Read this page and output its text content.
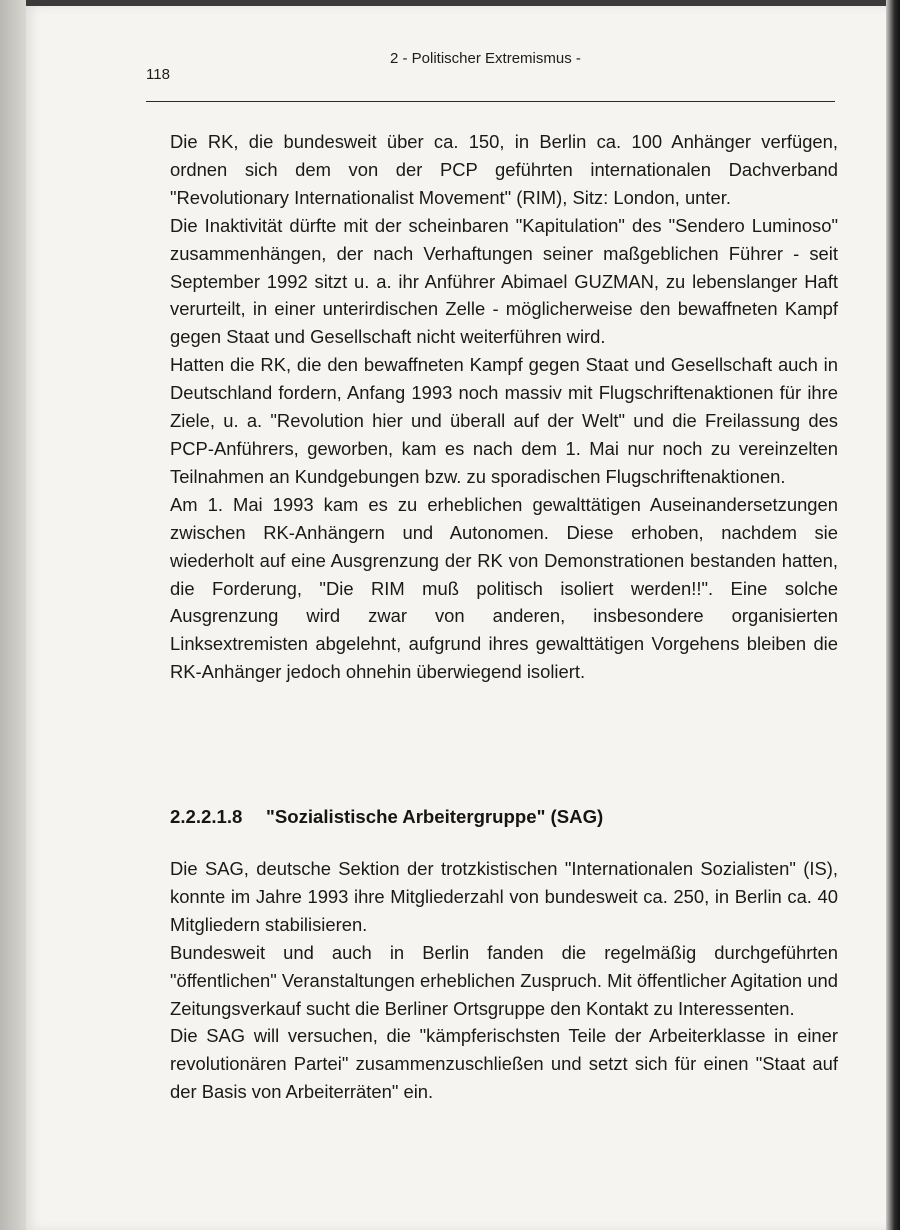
2 - Politischer Extremismus -
118

Die RK, die bundesweit über ca. 150, in Berlin ca. 100 Anhänger verfügen, ordnen sich dem von der PCP geführten internationalen Dachverband "Revolutionary Internationalist Movement" (RIM), Sitz: London, unter.

Die Inaktivität dürfte mit der scheinbaren "Kapitulation" des "Sendero Luminoso" zusammenhängen, der nach Verhaftungen seiner maßgeblichen Führer - seit September 1992 sitzt u. a. ihr Anführer Abimael GUZMAN, zu lebenslanger Haft verurteilt, in einer unterirdischen Zelle - möglicherweise den bewaffneten Kampf gegen Staat und Gesellschaft nicht weiterführen wird.

Hatten die RK, die den bewaffneten Kampf gegen Staat und Gesellschaft auch in Deutschland fordern, Anfang 1993 noch massiv mit Flugschriftenaktionen für ihre Ziele, u. a. "Revolution hier und überall auf der Welt" und die Freilassung des PCP-Anführers, geworben, kam es nach dem 1. Mai nur noch zu vereinzelten Teilnahmen an Kundgebungen bzw. zu sporadischen Flugschriftenaktionen.

Am 1. Mai 1993 kam es zu erheblichen gewalttätigen Auseinandersetzungen zwischen RK-Anhängern und Autonomen. Diese erhoben, nachdem sie wiederholt auf eine Ausgrenzung der RK von Demonstrationen bestanden hatten, die Forderung, "Die RIM muß politisch isoliert werden!!". Eine solche Ausgrenzung wird zwar von anderen, insbesondere organisierten Linksextremisten abgelehnt, aufgrund ihres gewalttätigen Vorgehens bleiben die RK-Anhänger jedoch ohnehin überwiegend isoliert.

2.2.2.1.8 "Sozialistische Arbeitergruppe" (SAG)

Die SAG, deutsche Sektion der trotzkistischen "Internationalen Sozialisten" (IS), konnte im Jahre 1993 ihre Mitgliederzahl von bundesweit ca. 250, in Berlin ca. 40 Mitgliedern stabilisieren.

Bundesweit und auch in Berlin fanden die regelmäßig durchgeführten "öffentlichen" Veranstaltungen erheblichen Zuspruch. Mit öffentlicher Agitation und Zeitungsverkauf sucht die Berliner Ortsgruppe den Kontakt zu Interessenten.

Die SAG will versuchen, die "kämpferischsten Teile der Arbeiterklasse in einer revolutionären Partei" zusammenzuschließen und setzt sich für einen "Staat auf der Basis von Arbeiterräten" ein.
